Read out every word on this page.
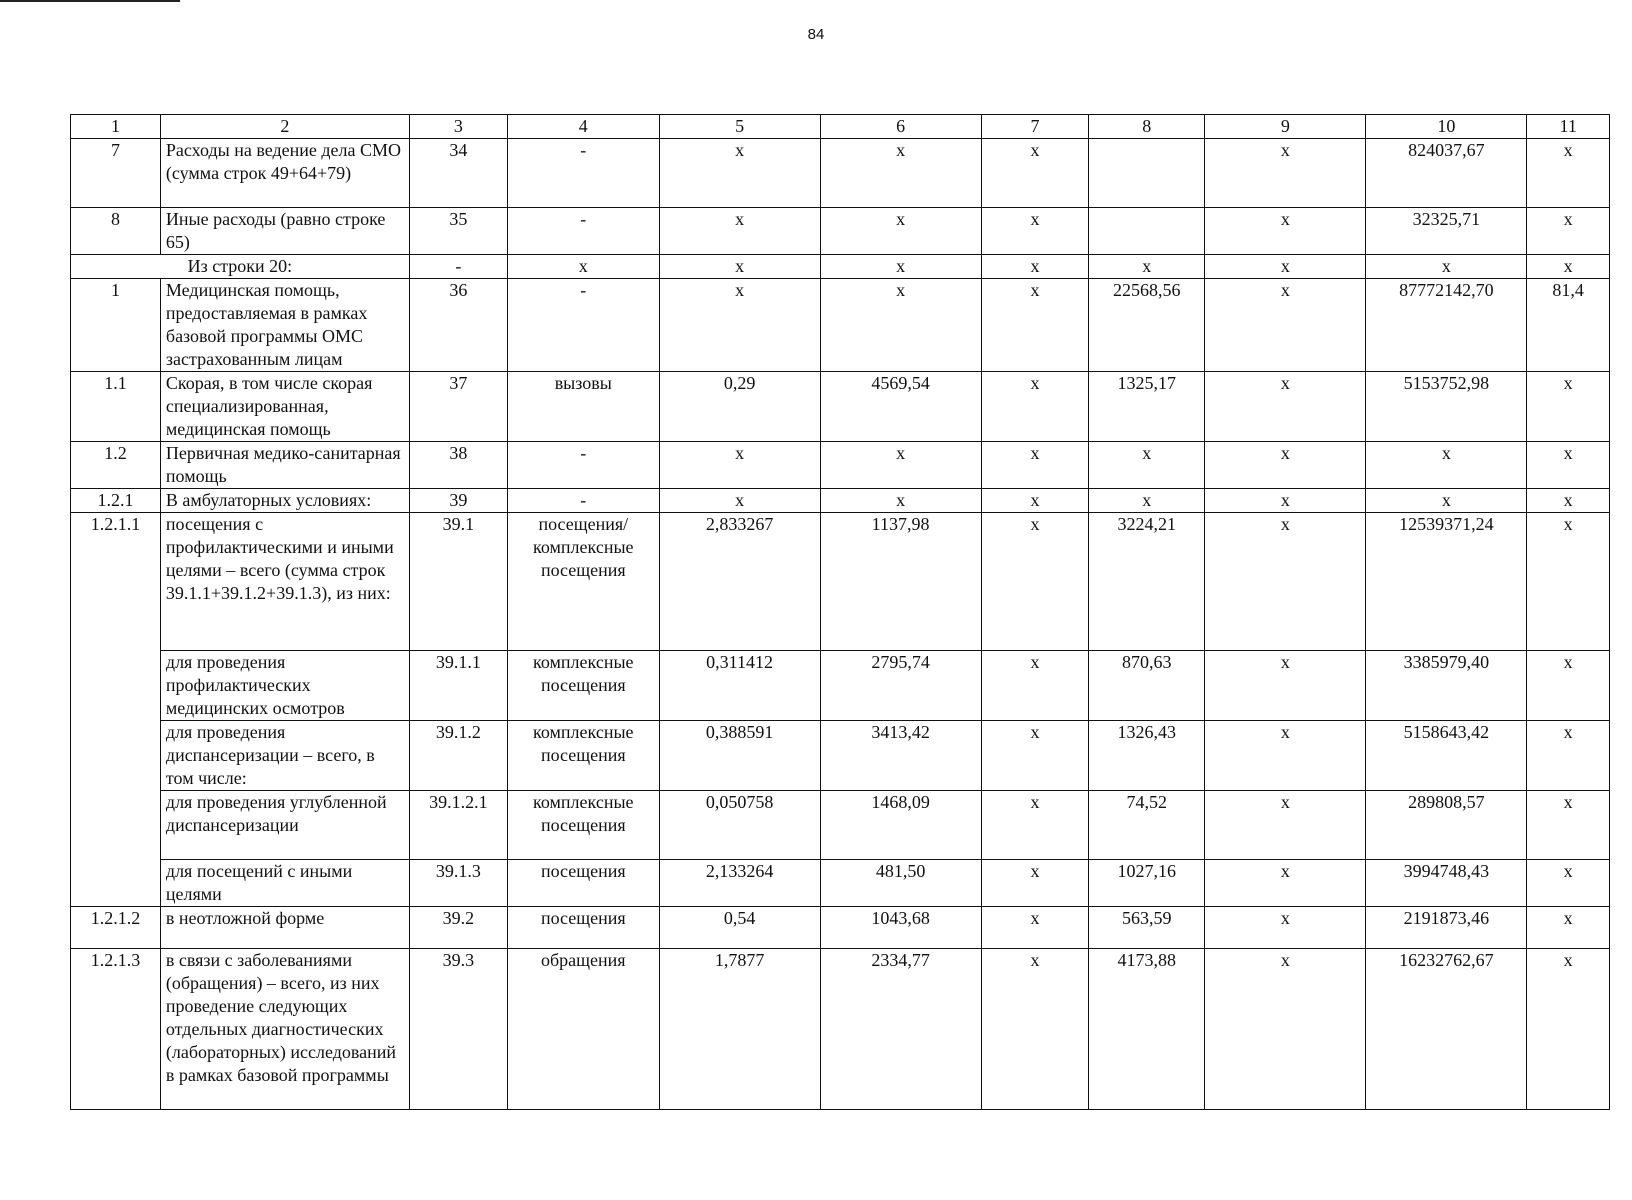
84
1	2	3	4	5	6	7	8	9	10	11
7	Расходы на ведение дела СМО (сумма строк 49+64+79)	34	-	x	x	x		x	824037,67	x
8	Иные расходы (равно строке 65)	35	-	x	x	x		x	32325,71	x
Из строки 20:		-	x	x	x	x	x	x	x	x
1	Медицинская помощь, предоставляемая в рамках базовой программы ОМС застрахованным лицам	36	-	x	x	x	22568,56	x	87772142,70	81,4
1.1	Скорая, в том числе скорая специализированная, медицинская помощь	37	вызовы	0,29	4569,54	x	1325,17	x	5153752,98	x
1.2	Первичная медико-санитарная помощь	38	-	x	x	x	x	x	x	x
1.2.1	В амбулаторных условиях:	39	-	x	x	x	x	x	x	x
1.2.1.1	посещения с профилактическими и иными целями – всего (сумма строк 39.1.1+39.1.2+39.1.3), из них:	39.1	посещения/ комплексные посещения	2,833267	1137,98	x	3224,21	x	12539371,24	x
	для проведения профилактических медицинских осмотров	39.1.1	комплексные посещения	0,311412	2795,74	x	870,63	x	3385979,40	x
	для проведения диспансеризации – всего, в том числе:	39.1.2	комплексные посещения	0,388591	3413,42	x	1326,43	x	5158643,42	x
	для проведения углубленной диспансеризации	39.1.2.1	комплексные посещения	0,050758	1468,09	x	74,52	x	289808,57	x
	для посещений с иными целями	39.1.3	посещения	2,133264	481,50	x	1027,16	x	3994748,43	x
1.2.1.2	в неотложной форме	39.2	посещения	0,54	1043,68	x	563,59	x	2191873,46	x
1.2.1.3	в связи с заболеваниями (обращения) – всего, из них проведение следующих отдельных диагностических (лабораторных) исследований в рамках базовой программы	39.3	обращения	1,7877	2334,77	x	4173,88	x	16232762,67	x
